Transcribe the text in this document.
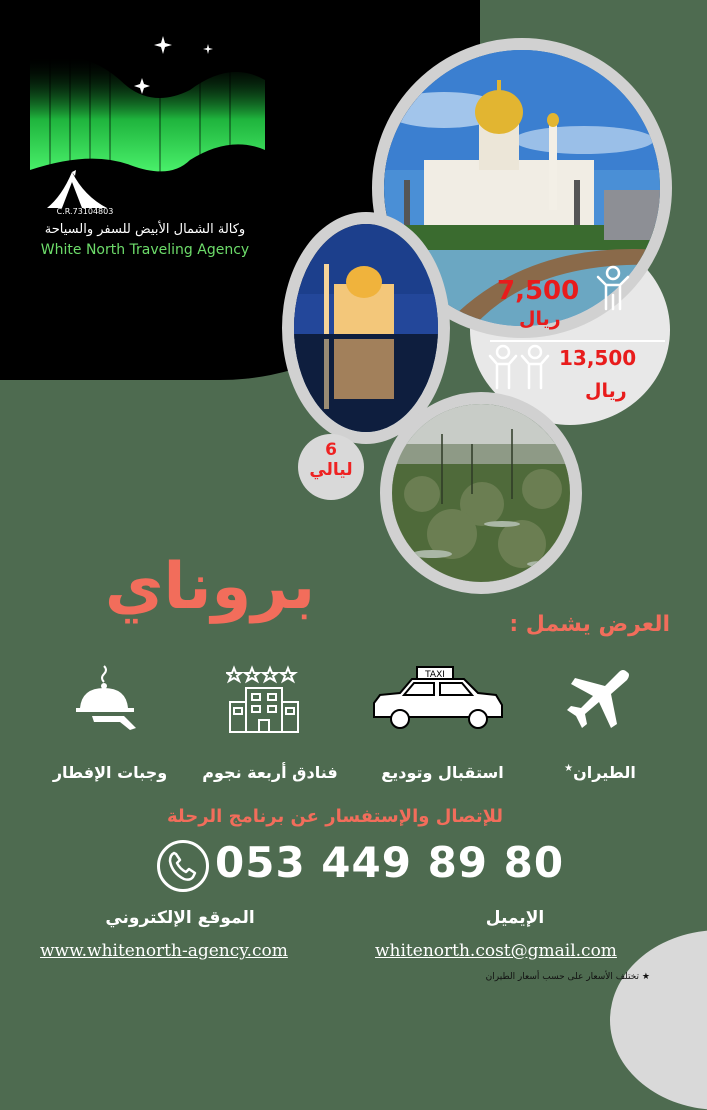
C.R.73104803
وكالة الشمال الأبيض للسفر والسياحة
White North Traveling Agency
6
ليالي
7,500
ريال
13,500
ريال
بروناي
العرض يشمل :
TAXI
الطيران★
استقبال وتوديع
فنادق أربعة نجوم
وجبات الإفطار
للإتصال والإستفسار عن برنامج الرحلة
053 449 89 80
الإيميل
الموقع الإلكتروني
whitenorth.cost@gmail.com
www.whitenorth-agency.com
★ تختلف الأسعار على حسب أسعار الطيران
